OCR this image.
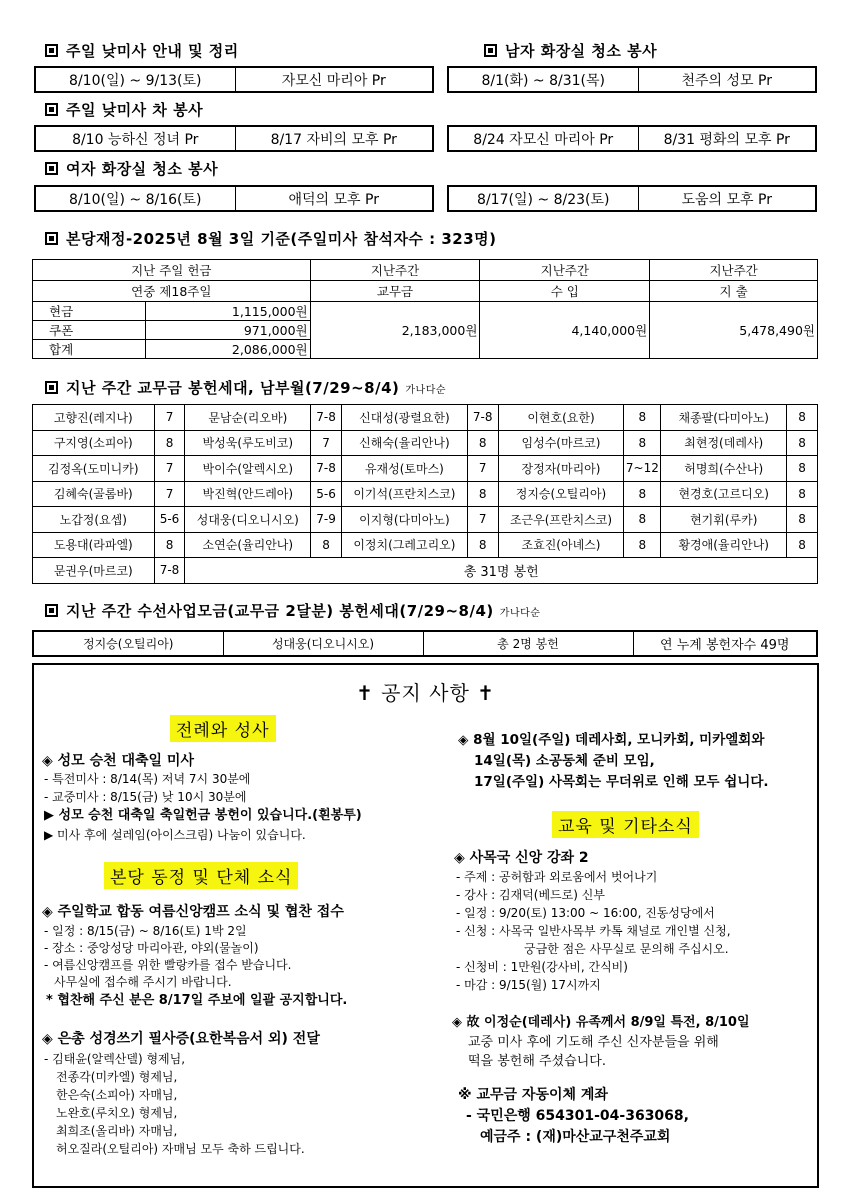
주일 낮미사 안내 및 정리	남자 화장실 청소 봉사
8/10(일) ~ 9/13(토)	자모신 마리아 Pr	8/1(화) ~ 8/31(목)	천주의 성모 Pr
주일 낮미사 차 봉사
8/10 능하신 정녀 Pr	8/17 자비의 모후 Pr	8/24 자모신 마리아 Pr	8/31 평화의 모후 Pr
여자 화장실 청소 봉사
8/10(일) ~ 8/16(토)	애덕의 모후 Pr	8/17(일) ~ 8/23(토)	도움의 모후 Pr
본당재정-2025년 8월 3일 기준(주일미사 참석자수 : 323명)
지난 주일 헌금		지난주간	지난주간	지난주간
연중 제18주일		교무금	수 입	지 출
현금	1,115,000원	2,183,000원	4,140,000원	5,478,490원
쿠폰	971,000원			
합계	2,086,000원			
지난 주간 교무금 봉헌세대, 남부월(7/29~8/4) 가나다순
고향진(레지나)	7	문남순(리오바)	7-8	신대성(광렬요한)	7-8	이현호(요한)	8	채종팔(다미아노)	8
구지영(소피아)	8	박성욱(루도비코)	7	신해숙(율리안나)	8	임성수(마르코)	8	최현정(데레사)	8
김정옥(도미니카)	7	박이수(알렉시오)	7-8	유재성(토마스)	7	장정자(마리아)	7~12	허명희(수산나)	8
김혜숙(골롬바)	7	박진혁(안드레아)	5-6	이기석(프란치스코)	8	정지승(오틸리아)	8	현경호(고르디오)	8
노갑정(요셉)	5-6	성대웅(디오니시오)	7-9	이지형(다미아노)	7	조근우(프란치스코)	8	현기휘(루카)	8
도용대(라파엘)	8	소연순(율리안나)	8	이정치(그레고리오)	8	조효진(아녜스)	8	황경애(율리안나)	8
문권우(마르코)	7-8	총 31명 봉헌							
지난 주간 수선사업모금(교무금 2달분) 봉헌세대(7/29~8/4) 가나다순
정지승(오틸리아)	성대웅(디오니시오)	총 2명 봉헌	연 누계 봉헌자수 49명
✝ 공지 사항 ✝
전례와 성사
◈ 성모 승천 대축일 미사
- 특전미사 : 8/14(목) 저녁 7시 30분에
- 교중미사 : 8/15(금) 낮 10시 30분에
▶ 성모 승천 대축일 축일헌금 봉헌이 있습니다.(흰봉투)
▶ 미사 후에 설레임(아이스크림) 나눔이 있습니다.
본당 동정 및 단체 소식
◈ 주일학교 합동 여름신앙캠프 소식 및 협찬 접수
- 일정 : 8/15(금) ~ 8/16(토) 1박 2일
- 장소 : 중앙성당 마리아관, 야외(물놀이)
- 여름신앙캠프를 위한 빨랑카를 접수 받습니다.
사무실에 접수해 주시기 바랍니다.
* 협찬해 주신 분은 8/17일 주보에 일괄 공지합니다.
◈ 은총 성경쓰기 필사증(요한복음서 외) 전달
- 김태윤(알렉산델) 형제님,
전종각(미카엘) 형제님,
한은숙(소피아) 자매님,
노완호(루치오) 형제님,
최희조(올리바) 자매님,
허오질라(오틸리아) 자매님 모두 축하 드립니다.
◈ 8월 10일(주일) 데레사회, 모니카회, 미카엘회와
14일(목) 소공동체 준비 모임,
17일(주일) 사목회는 무더위로 인해 모두 쉽니다.
교육 및 기타소식
◈ 사목국 신앙 강좌 2
- 주제 : 공허함과 외로움에서 벗어나기
- 강사 : 김재덕(베드로) 신부
- 일정 : 9/20(토) 13:00 ~ 16:00, 진동성당에서
- 신청 : 사목국 일반사목부 카톡 채널로 개인별 신청,
궁금한 점은 사무실로 문의해 주십시오.
- 신청비 : 1만원(강사비, 간식비)
- 마감 : 9/15(월) 17시까지
◈ 故 이정순(데레사) 유족께서 8/9일 특전, 8/10일
교중 미사 후에 기도해 주신 신자분들을 위해
떡을 봉헌해 주셨습니다.
※ 교무금 자동이체 계좌
- 국민은행 654301-04-363068,
예금주 : (재)마산교구천주교회
